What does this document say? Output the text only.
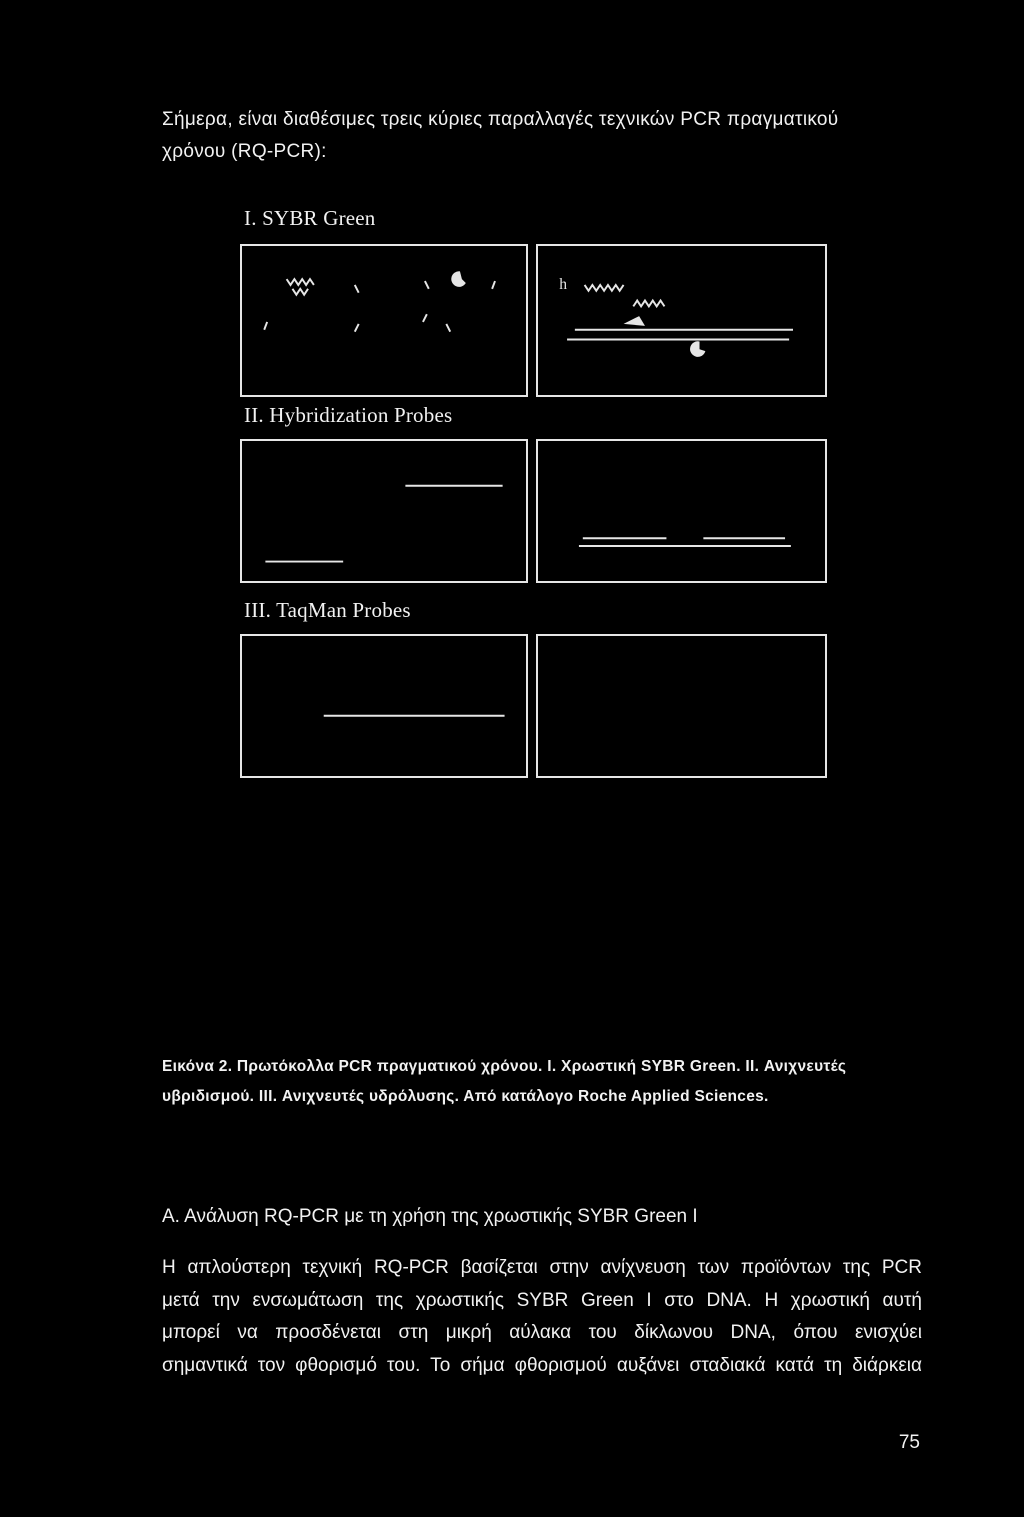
Σήμερα, είναι διαθέσιμες τρεις κύριες παραλλαγές τεχνικών PCR πραγματικού
χρόνου (RQ-PCR):
I. SYBR Green
h
II. Hybridization Probes
III. TaqMan Probes
Εικόνα 2. Πρωτόκολλα PCR πραγματικού χρόνου. I. Χρωστική SYBR Green. II. Ανιχνευτές
υβριδισμού. III. Ανιχνευτές υδρόλυσης. Από κατάλογο Roche Applied Sciences.
Α. Ανάλυση RQ-PCR με τη χρήση της χρωστικής SYBR Green I

Η απλούστερη τεχνική RQ-PCR βασίζεται στην ανίχνευση των προϊόντων της PCR

μετά την ενσωμάτωση της χρωστικής SYBR Green I στο DNA. Η χρωστική αυτή

μπορεί να προσδένεται στη μικρή αύλακα του δίκλωνου DNA, όπου ενισχύει

σημαντικά τον φθορισμό του. Το σήμα φθορισμού αυξάνει σταδιακά κατά τη διάρκεια

75
